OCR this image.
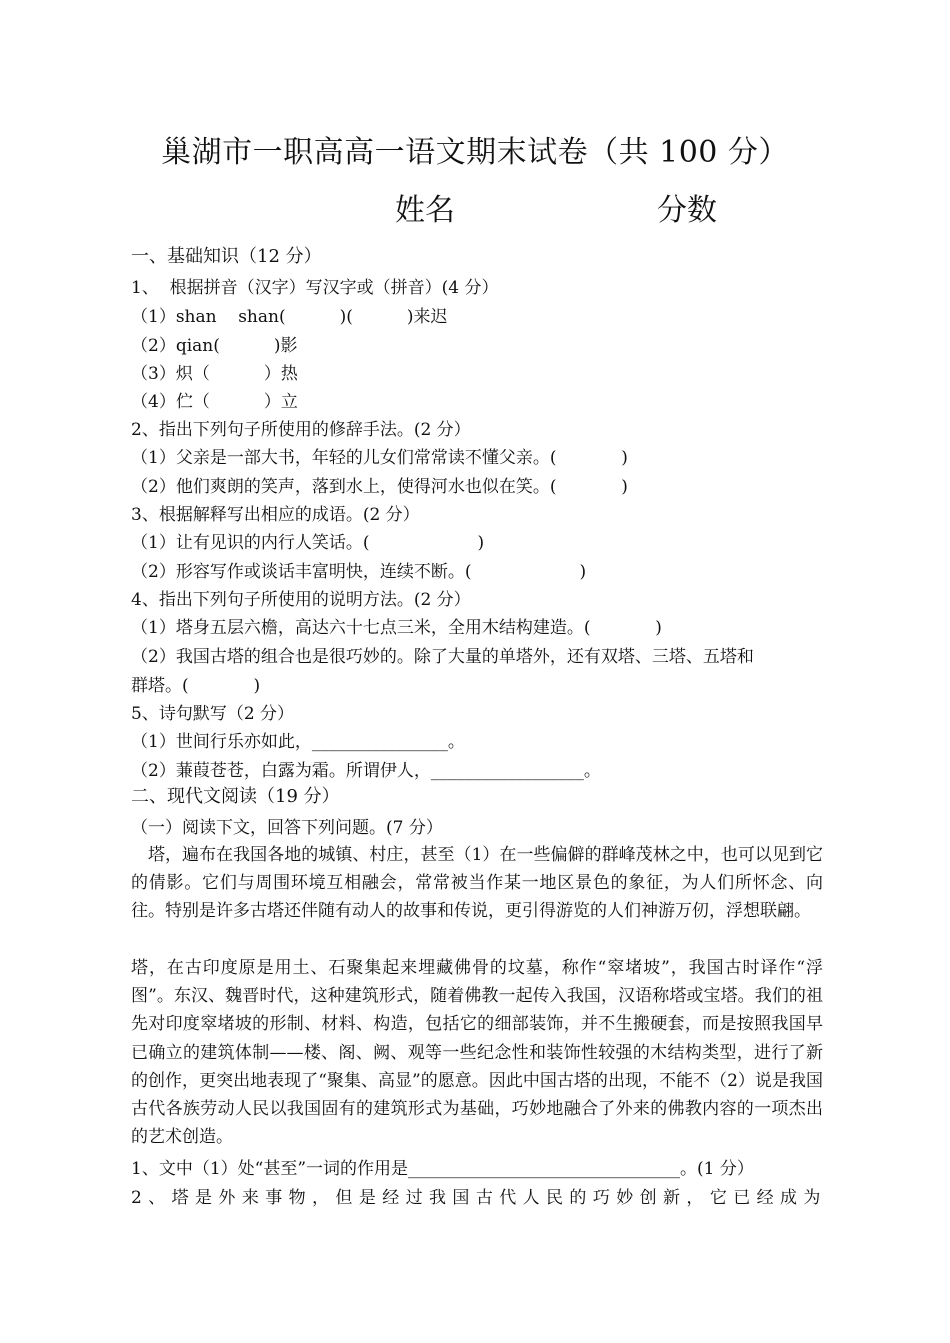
巢湖市一职高高一语文期末试卷（共 100 分）
姓名	分数
一、基础知识（12 分）
1、  根据拼音（汉字）写汉字或（拼音）(4 分）
（1）shan    shan(          )(          )来迟
（2）qian(          )影
（3）炽（          ）热
（4）伫（          ）立
2、指出下列句子所使用的修辞手法。(2 分）
（1）父亲是一部大书，年轻的儿女们常常读不懂父亲。(            )
（2）他们爽朗的笑声，落到水上，使得河水也似在笑。(            )
3、根据解释写出相应的成语。(2 分）
（1）让有见识的内行人笑话。(                    )
（2）形容写作或谈话丰富明快，连续不断。(                    )
4、指出下列句子所使用的说明方法。(2 分）
（1）塔身五层六檐，高达六十七点三米，全用木结构建造。(            )
（2）我国古塔的组合也是很巧妙的。除了大量的单塔外，还有双塔、三塔、五塔和
群塔。(            )
5、诗句默写（2 分）
（1）世间行乐亦如此，________________。
（2）蒹葭苍苍，白露为霜。所谓伊人，__________________。
二、现代文阅读（19 分）
（一）阅读下文，回答下列问题。(7 分）
塔，遍布在我国各地的城镇、村庄，甚至（1）在一些偏僻的群峰茂林之中，也可以见到它的倩影。它们与周围环境互相融会，常常被当作某一地区景色的象征，为人们所怀念、向往。特别是许多古塔还伴随有动人的故事和传说，更引得游览的人们神游万仞，浮想联翩。
塔，在古印度原是用土、石聚集起来埋藏佛骨的坟墓，称作“窣堵坡”，我国古时译作“浮图”。东汉、魏晋时代，这种建筑形式，随着佛教一起传入我国，汉语称塔或宝塔。我们的祖先对印度窣堵坡的形制、材料、构造，包括它的细部装饰，并不生搬硬套，而是按照我国早已确立的建筑体制——楼、阁、阙、观等一些纪念性和装饰性较强的木结构类型，进行了新的创作，更突出地表现了“聚集、高显”的愿意。因此中国古塔的出现，不能不（2）说是我国古代各族劳动人民以我国固有的建筑形式为基础，巧妙地融合了外来的佛教内容的一项杰出的艺术创造。
1、文中（1）处“甚至”一词的作用是________________________________。(1 分）
2、塔是外来事物，但是经过我国古代人民的巧妙创新，它已经成为
